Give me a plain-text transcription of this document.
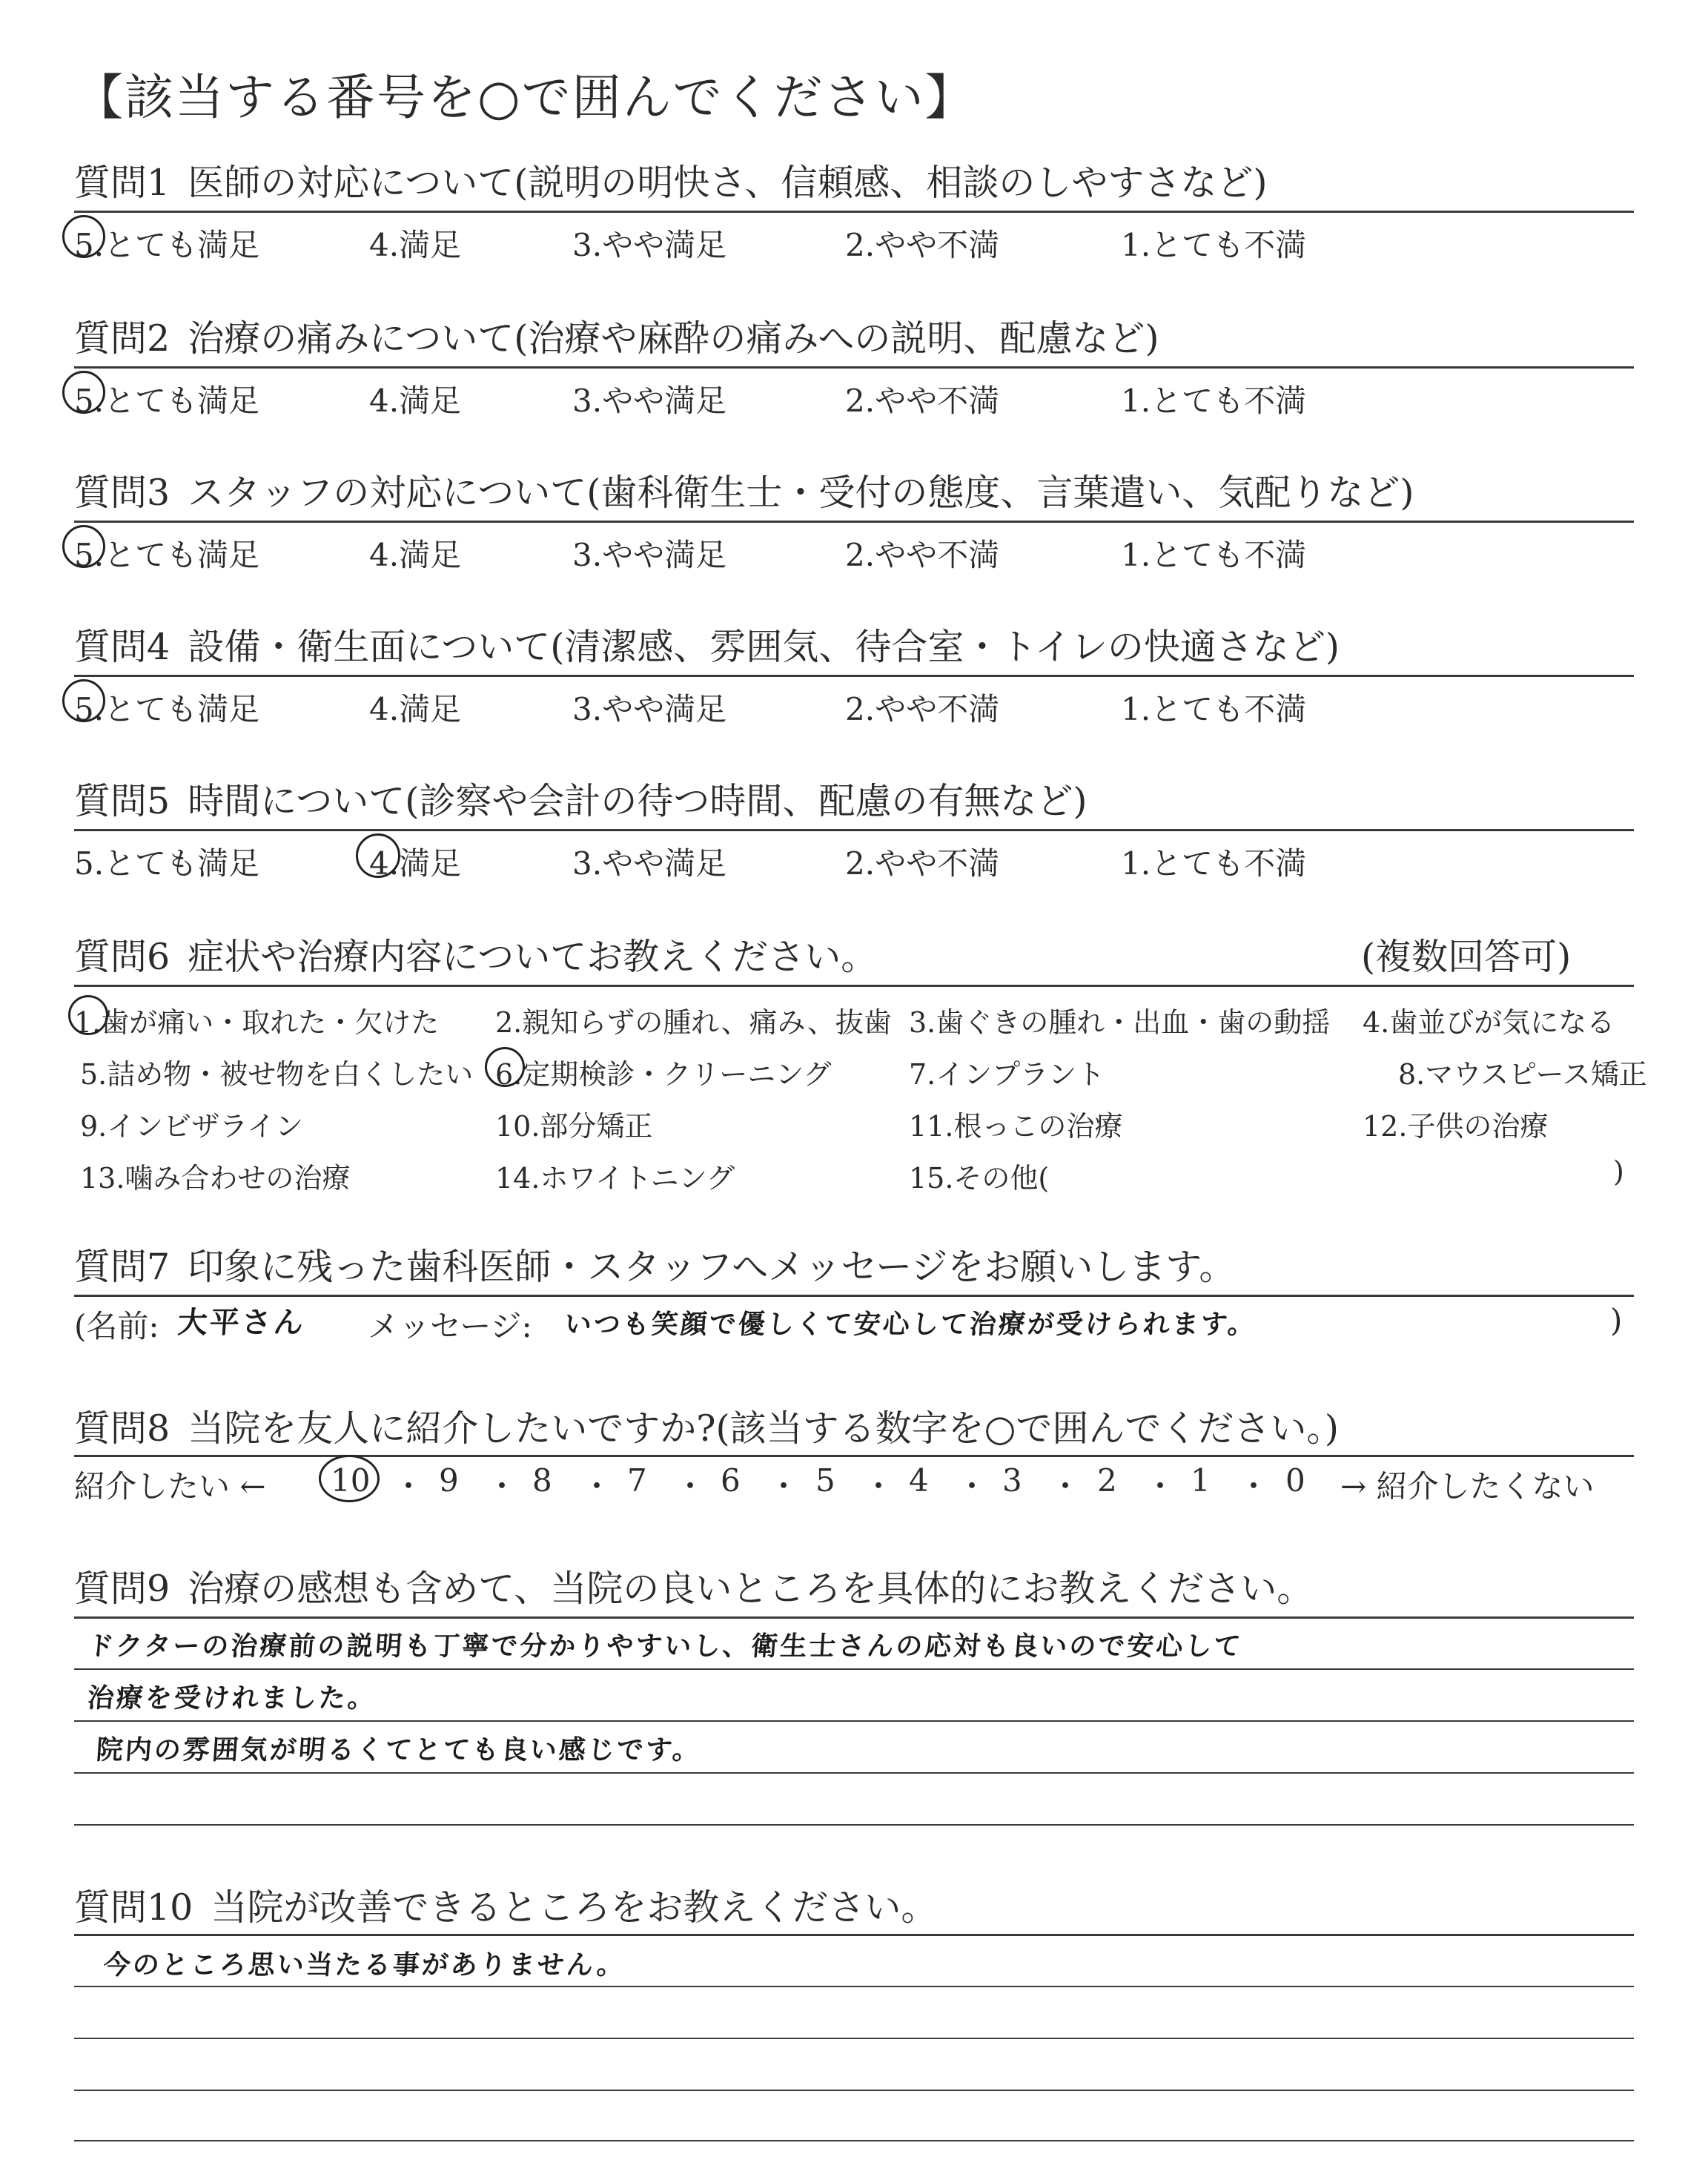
【該当する番号を○で囲んでください】
質問1 医師の対応について(説明の明快さ、信頼感、相談のしやすさなど)
5.とても満足	4.満足	3.やや満足	2.やや不満	1.とても不満
質問2 治療の痛みについて(治療や麻酔の痛みへの説明、配慮など)
5.とても満足	4.満足	3.やや満足	2.やや不満	1.とても不満
質問3 スタッフの対応について(歯科衛生士・受付の態度、言葉遣い、気配りなど)
5.とても満足	4.満足	3.やや満足	2.やや不満	1.とても不満
質問4 設備・衛生面について(清潔感、雰囲気、待合室・トイレの快適さなど)
5.とても満足	4.満足	3.やや満足	2.やや不満	1.とても不満
質問5 時間について(診察や会計の待つ時間、配慮の有無など)
5.とても満足	4.満足	3.やや満足	2.やや不満	1.とても不満
質問6 症状や治療内容についてお教えください。	(複数回答可)
1.歯が痛い・取れた・欠けた 2.親知らずの腫れ、痛み、抜歯 3.歯ぐきの腫れ・出血・歯の動揺 4.歯並びが気になる
5.詰め物・被せ物を白くしたい 6.定期検診・クリーニング	7.インプラント	8.マウスピース矯正
9.インビザライン	10.部分矯正	11.根っこの治療	12.子供の治療
13.噛み合わせの治療	14.ホワイトニング	15.その他(	)
質問7 印象に残った歯科医師・スタッフへメッセージをお願いします。
(名前: 大平さん メッセージ: いつも笑顔で優しくて安心して治療が受けられます。	)
質問8 当院を友人に紹介したいですか?(該当する数字を○で囲んでください。)
紹介したい ← 10 ・ 9 ・ 8 ・ 7 ・ 6 ・ 5 ・ 4 ・ 3 ・ 2 ・ 1 ・ 0 → 紹介したくない
質問9 治療の感想も含めて、当院の良いところを具体的にお教えください。
ドクターの治療前の説明も丁寧で分かりやすいし、衛生士さんの応対も良いので安心して
治療を受けれました。
院内の雰囲気が明るくてとても良い感じです。
質問10 当院が改善できるところをお教えください。
今のところ思い当たる事がありません。
